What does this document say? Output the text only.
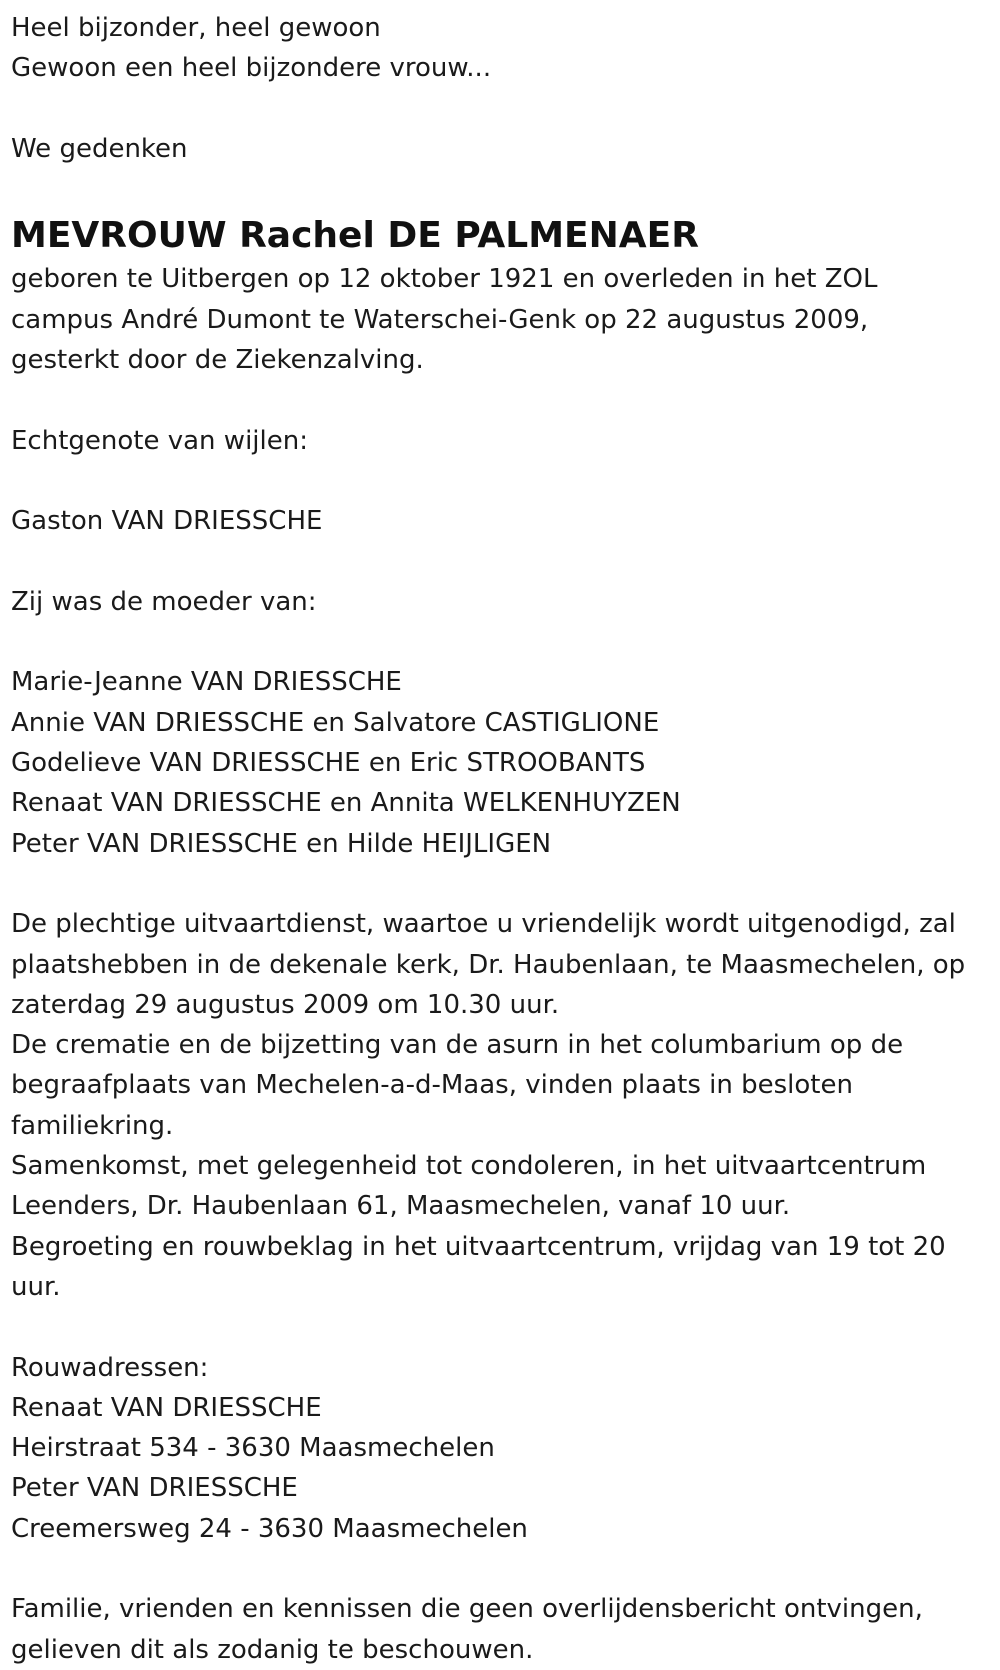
Heel bijzonder, heel gewoon
Gewoon een heel bijzondere vrouw...
We gedenken
MEVROUW Rachel DE PALMENAER
geboren te Uitbergen op 12 oktober 1921 en overleden in het ZOL
campus André Dumont te Waterschei-Genk op 22 augustus 2009,
gesterkt door de Ziekenzalving.
Echtgenote van wijlen:
Gaston VAN DRIESSCHE
Zij was de moeder van:
Marie-Jeanne VAN DRIESSCHE
Annie VAN DRIESSCHE en Salvatore CASTIGLIONE
Godelieve VAN DRIESSCHE en Eric STROOBANTS
Renaat VAN DRIESSCHE en Annita WELKENHUYZEN
Peter VAN DRIESSCHE en Hilde HEIJLIGEN
De plechtige uitvaartdienst, waartoe u vriendelijk wordt uitgenodigd, zal
plaatshebben in de dekenale kerk, Dr. Haubenlaan, te Maasmechelen, op
zaterdag 29 augustus 2009 om 10.30 uur.
De crematie en de bijzetting van de asurn in het columbarium op de
begraafplaats van Mechelen-a-d-Maas, vinden plaats in besloten
familiekring.
Samenkomst, met gelegenheid tot condoleren, in het uitvaartcentrum
Leenders, Dr. Haubenlaan 61, Maasmechelen, vanaf 10 uur.
Begroeting en rouwbeklag in het uitvaartcentrum, vrijdag van 19 tot 20
uur.
Rouwadressen:
Renaat VAN DRIESSCHE
Heirstraat 534 - 3630 Maasmechelen
Peter VAN DRIESSCHE
Creemersweg 24 - 3630 Maasmechelen
Familie, vrienden en kennissen die geen overlijdensbericht ontvingen,
gelieven dit als zodanig te beschouwen.
